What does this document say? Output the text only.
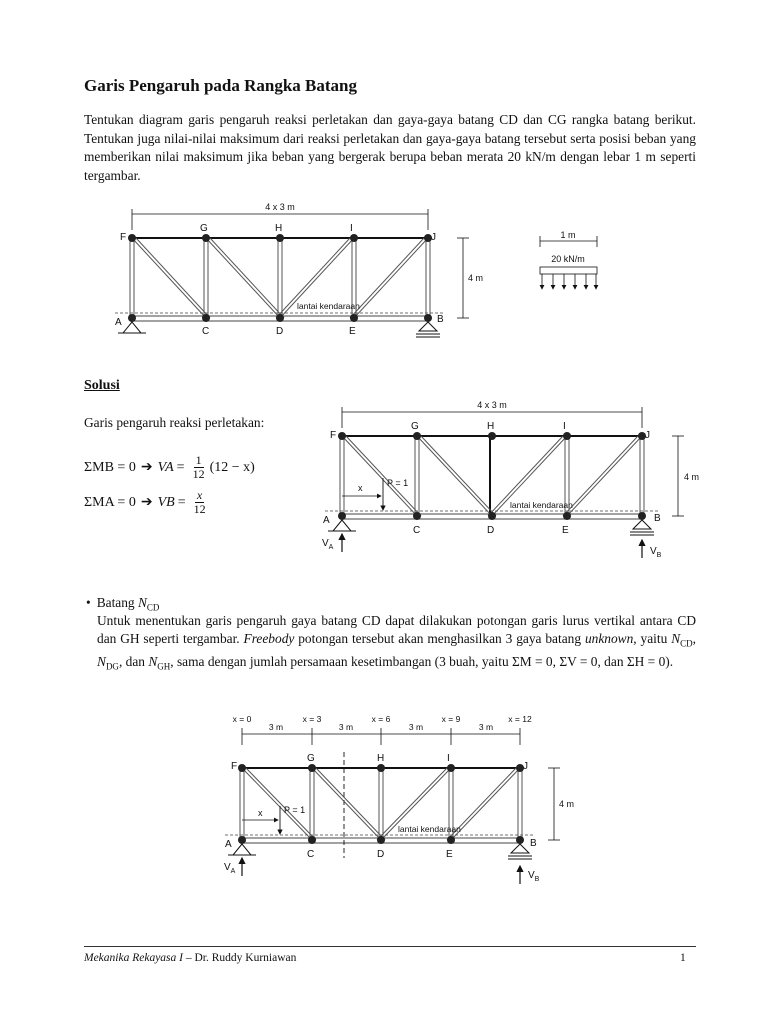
Garis Pengaruh pada Rangka Batang
Tentukan diagram garis pengaruh reaksi perletakan dan gaya-gaya batang CD dan CG rangka batang berikut. Tentukan juga nilai-nilai maksimum dari reaksi perletakan dan gaya-gaya batang tersebut serta posisi beban yang memberikan nilai maksimum jika beban yang bergerak berupa beban merata 20 kN/m dengan lebar 1 m seperti tergambar.
4 x 3 m
4 m
F
G	H	I
J
A
C	D	E
B
lantai kendaraan
1 m
20 kN/m
Solusi
Garis pengaruh reaksi perletakan:
ΣMB = 0 ➔ VA = $\frac{1}{12} (12 - x)$
ΣMA = 0 ➔ VB = $\frac{x}{12}$
4 x 3 m
4 m
F
G	H	I
J
A
C	D	E
B
lantai kendaraan
P = 1
x
$V_A$	$V_B$
• Batang $N_{CD}$
Untuk menentukan garis pengaruh gaya batang CD dapat dilakukan potongan garis lurus vertikal antara CD dan GH seperti tergambar. Freebody potongan tersebut akan menghasilkan 3 gaya batang unknown, yaitu $N_{CD}$, $N_{DG}$, dan $N_{GH}$, sama dengan jumlah persamaan kesetimbangan (3 buah, yaitu ΣM = 0, ΣV = 0, dan ΣH = 0).
x = 0	x = 3	x = 6	x = 9	x = 12
3 m	3 m	3 m	3 m
4 m
F
G	H	I
J
A
C	D	E
B
lantai kendaraan
P = 1
x
$V_A$	$V_B$
Mekanika Rekayasa I – Dr. Ruddy Kurniawan	1
